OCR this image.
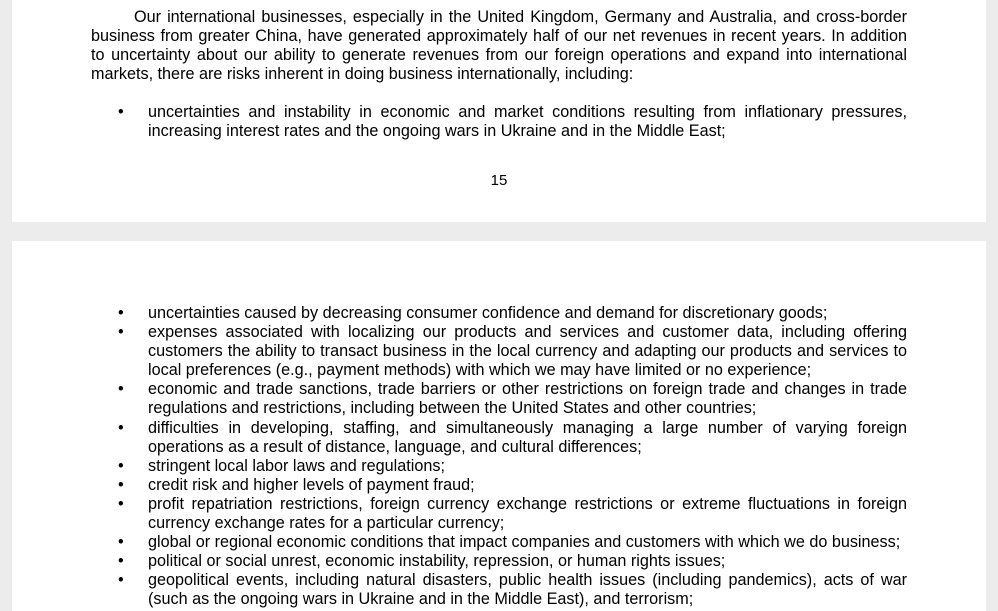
Our international businesses, especially in the United Kingdom, Germany and Australia, and cross-border business from greater China, have generated approximately half of our net revenues in recent years. In addition to uncertainty about our ability to generate revenues from our foreign operations and expand into international markets, there are risks inherent in doing business internationally, including:

• uncertainties and instability in economic and market conditions resulting from inflationary pressures, increasing interest rates and the ongoing wars in Ukraine and in the Middle East;
15
• uncertainties caused by decreasing consumer confidence and demand for discretionary goods;
• expenses associated with localizing our products and services and customer data, including offering customers the ability to transact business in the local currency and adapting our products and services to local preferences (e.g., payment methods) with which we may have limited or no experience;
• economic and trade sanctions, trade barriers or other restrictions on foreign trade and changes in trade regulations and restrictions, including between the United States and other countries;
• difficulties in developing, staffing, and simultaneously managing a large number of varying foreign operations as a result of distance, language, and cultural differences;
• stringent local labor laws and regulations;
• credit risk and higher levels of payment fraud;
• profit repatriation restrictions, foreign currency exchange restrictions or extreme fluctuations in foreign currency exchange rates for a particular currency;
• global or regional economic conditions that impact companies and customers with which we do business;
• political or social unrest, economic instability, repression, or human rights issues;
• geopolitical events, including natural disasters, public health issues (including pandemics), acts of war (such as the ongoing wars in Ukraine and in the Middle East), and terrorism;
